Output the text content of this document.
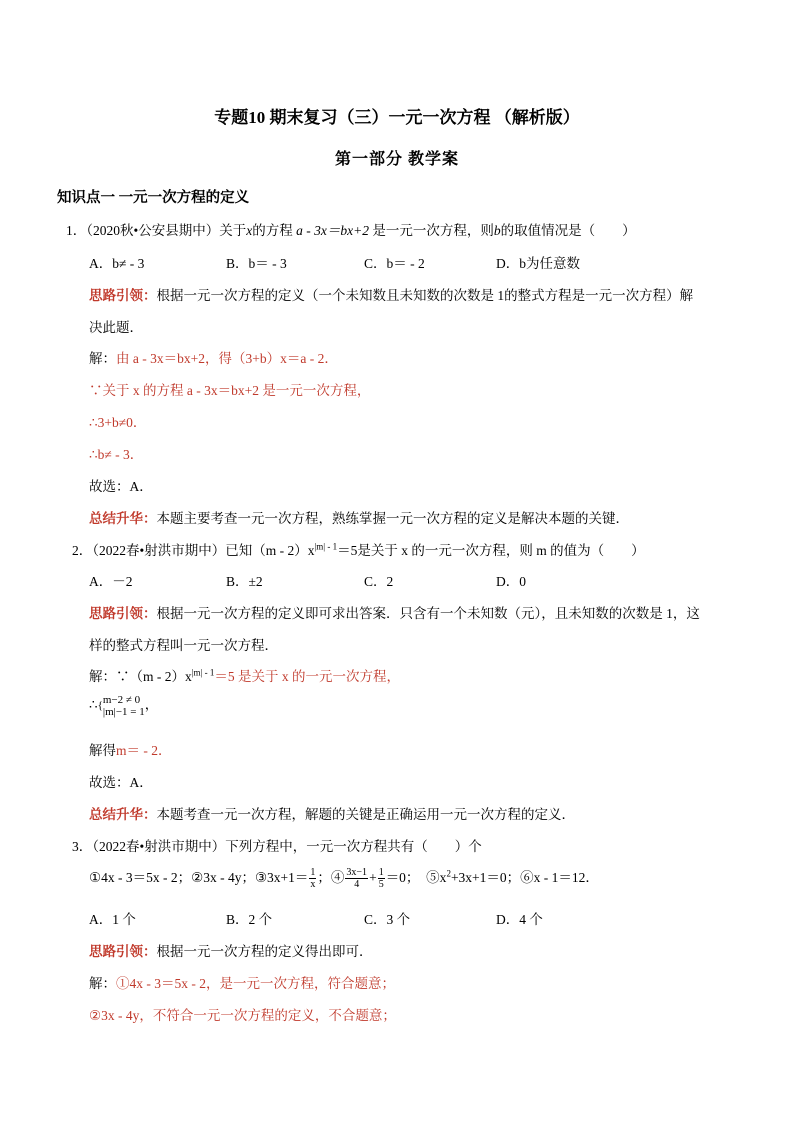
专题10 期末复习（三）一元一次方程 （解析版）
第一部分 教学案
知识点一 一元一次方程的定义
1．（2020秋•公安县期中）关于x的方程 a - 3x＝bx+2 是一元一次方程，则b的取值情况是（　　）
A．b≠ - 3	B．b＝ - 3	C．b＝ - 2	D．b为任意数
思路引领：根据一元一次方程的定义（一个未知数且未知数的次数是 1的整式方程是一元一次方程）解
决此题．
解：由 a - 3x＝bx+2，得（3+b）x＝a - 2．
∵关于 x 的方程 a - 3x＝bx+2 是一元一次方程，
∴3+b≠0．
∴b≠ - 3．
故选：A．
总结升华：本题主要考查一元一次方程，熟练掌握一元一次方程的定义是解决本题的关键．
2．（2022春•射洪市期中）已知$(m - 2)x^{|m| - 1}=5$是关于 x 的一元一次方程，则 m 的值为（　　）
A．－2	B．±2	C．2	D．0
思路引领：根据一元一次方程的定义即可求出答案．只含有一个未知数（元），且未知数的次数是 1，这
样的整式方程叫一元一次方程．
解：∵（m - $2)x^{|m| - 1}=5$ 是关于 x 的一元一次方程，
∴{ m−2 ≠ 0
|m|−1 = 1 ，
解得m＝ - 2．
故选：A．
总结升华：本题考查一元一次方程，解题的关键是正确运用一元一次方程的定义．
3．（2022春•射洪市期中）下列方程中，一元一次方程共有（　　）个
①4x - 3＝5x - 2；②3x - 4y；③3x+1＝ $\frac{1}{x}$ ；④ $\frac{3x-1}{4} + \frac{1}{5} =0$；　$⑤x^2+3x+1=0$；⑥x - 1＝12．
A．1 个	B．2 个	C．3 个	D．4 个
思路引领：根据一元一次方程的定义得出即可．
解：①4x - 3＝5x - 2，是一元一次方程，符合题意；
②3x - 4y，不符合一元一次方程的定义，不合题意；
